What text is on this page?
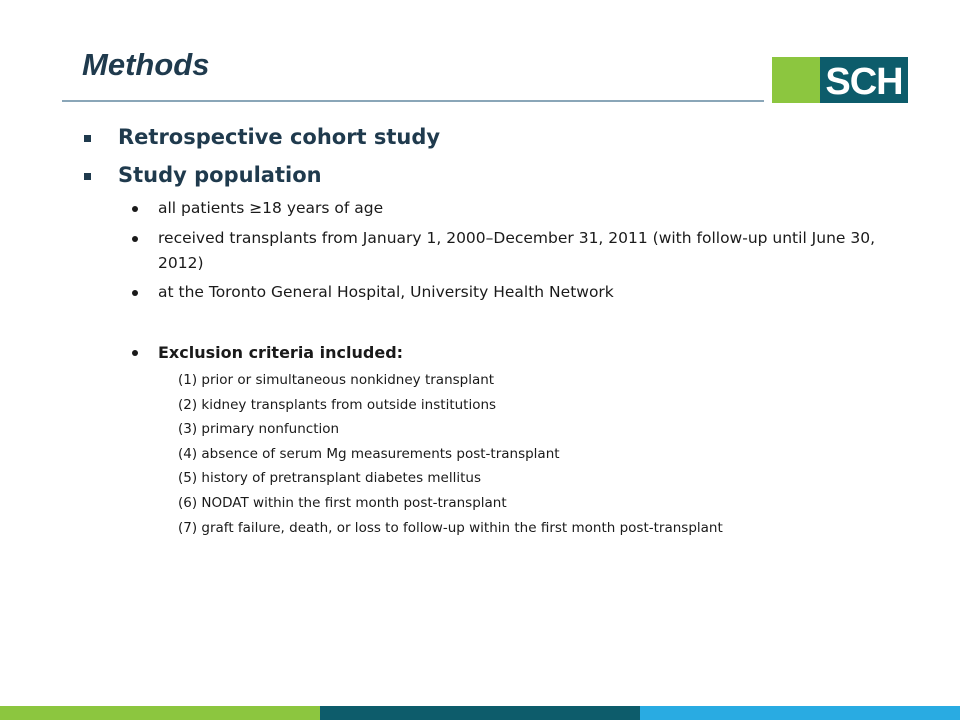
Methods	SCH
Retrospective cohort study
Study population
all patients ≥18 years of age
received transplants from January 1, 2000–December 31, 2011 (with follow-up until June 30, 2012)
at the Toronto General Hospital, University Health Network
Exclusion criteria included:
(1) prior or simultaneous nonkidney transplant
(2) kidney transplants from outside institutions
(3) primary nonfunction
(4) absence of serum Mg measurements post-transplant
(5) history of pretransplant diabetes mellitus
(6) NODAT within the first month post-transplant
(7) graft failure, death, or loss to follow-up within the first month post-transplant
